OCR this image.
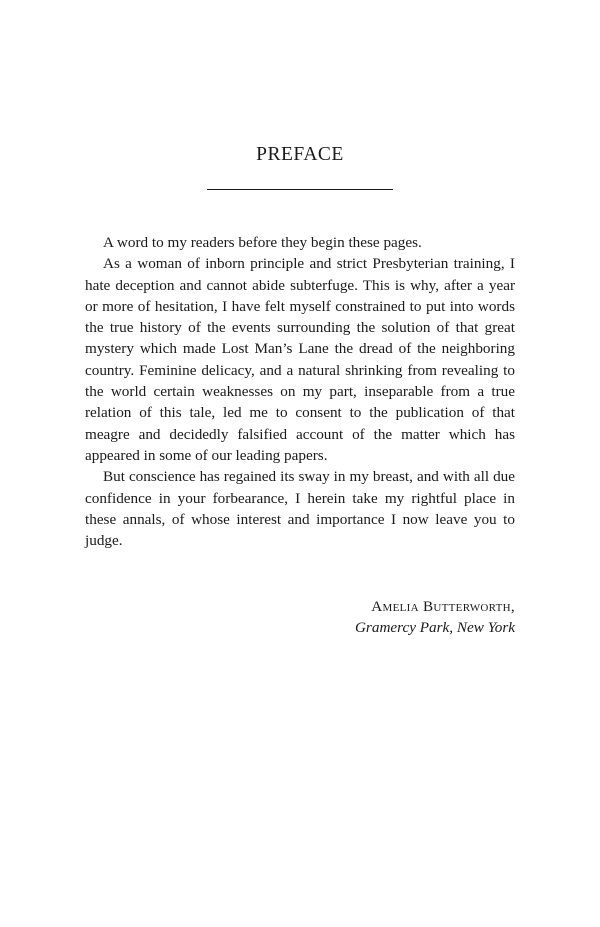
PREFACE

A word to my readers before they begin these pages.

As a woman of inborn principle and strict Presbyterian training, I hate deception and cannot abide subterfuge. This is why, after a year or more of hesitation, I have felt myself constrained to put into words the true history of the events surrounding the solution of that great mystery which made Lost Man’s Lane the dread of the neighboring country. Feminine delicacy, and a natural shrinking from revealing to the world certain weaknesses on my part, inseparable from a true relation of this tale, led me to consent to the publication of that meagre and decidedly falsified account of the matter which has appeared in some of our leading papers.

But conscience has regained its sway in my breast, and with all due confidence in your forbearance, I herein take my rightful place in these annals, of whose interest and importance I now leave you to judge.

Amelia Butterworth,
Gramercy Park, New York
